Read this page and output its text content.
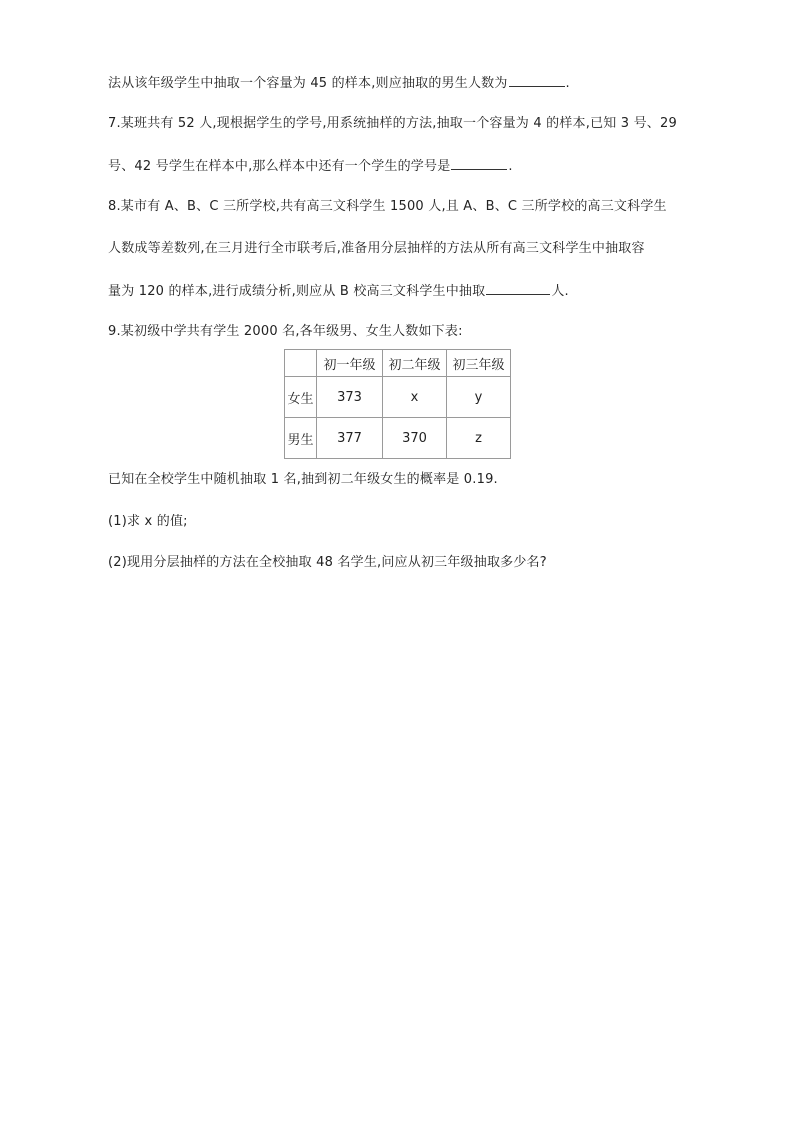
法从该年级学生中抽取一个容量为 45 的样本,则应抽取的男生人数为	.
7.某班共有 52 人,现根据学生的学号,用系统抽样的方法,抽取一个容量为 4 的样本,已知 3 号、29
号、42 号学生在样本中,那么样本中还有一个学生的学号是	.
8.某市有 A、B、C 三所学校,共有高三文科学生 1500 人,且 A、B、C 三所学校的高三文科学生
人数成等差数列,在三月进行全市联考后,准备用分层抽样的方法从所有高三文科学生中抽取容
量为 120 的样本,进行成绩分析,则应从 B 校高三文科学生中抽取	人.
9.某初级中学共有学生 2000 名,各年级男、女生人数如下表:
	初一年级	初二年级	初三年级
女生	373	x	y
男生	377	370	z
已知在全校学生中随机抽取 1 名,抽到初二年级女生的概率是 0.19.
(1)求 x 的值;
(2)现用分层抽样的方法在全校抽取 48 名学生,问应从初三年级抽取多少名?
